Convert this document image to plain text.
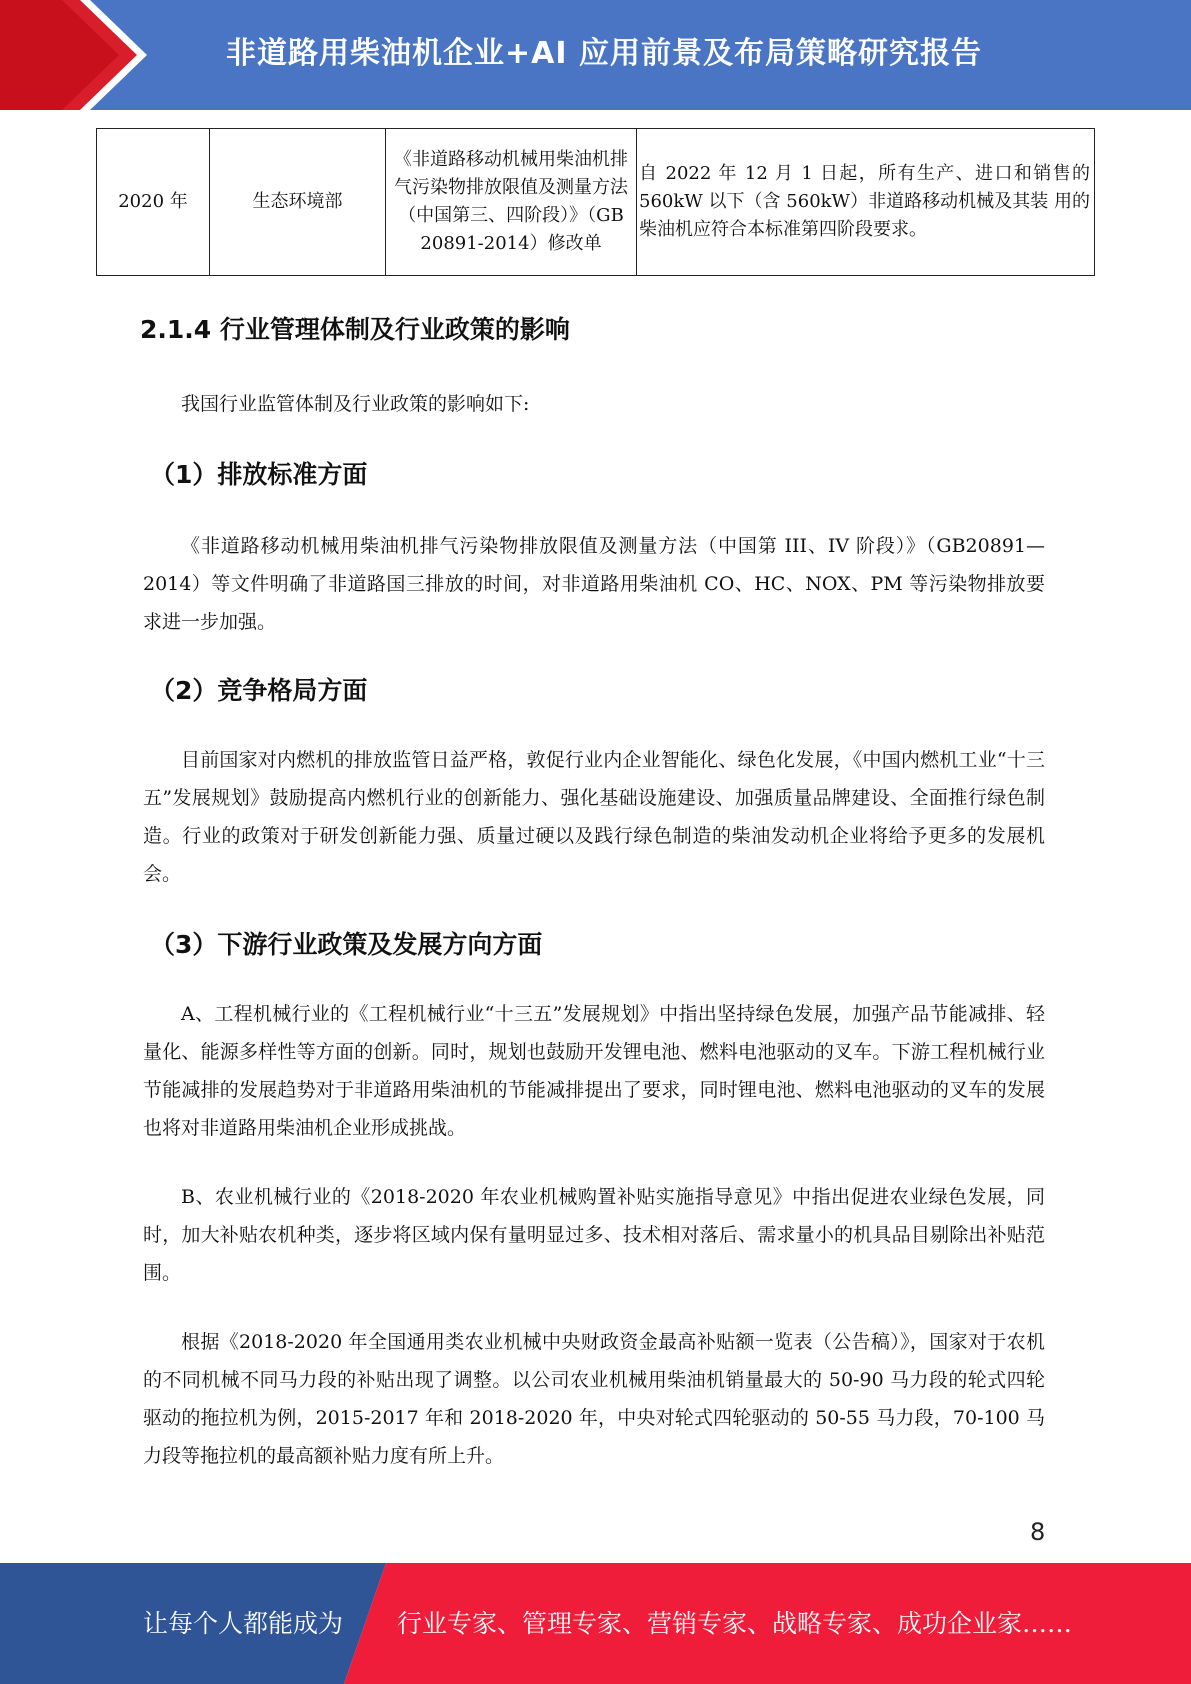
非道路用柴油机企业+AI 应用前景及布局策略研究报告
2020 年	生态环境部	《非道路移动机械用柴油机排气污染物排放限值及测量方法（中国第三、四阶段）》（GB 20891-2014）修改单	自 2022 年 12 月 1 日起，所有生产、进口和销售的 560kW 以下（含 560kW）非道路移动机械及其装 用的柴油机应符合本标准第四阶段要求。
2.1.4 行业管理体制及行业政策的影响

我国行业监管体制及行业政策的影响如下:

（1）排放标准方面

《非道路移动机械用柴油机排气污染物排放限值及测量方法（中国第 III、IV 阶段）》（GB20891—2014）等文件明确了非道路国三排放的时间，对非道路用柴油机 CO、HC、NOX、PM 等污染物排放要求进一步加强。

（2）竞争格局方面

目前国家对内燃机的排放监管日益严格，敦促行业内企业智能化、绿色化发展，《中国内燃机工业“十三五”发展规划》鼓励提高内燃机行业的创新能力、强化基础设施建设、加强质量品牌建设、全面推行绿色制造。行业的政策对于研发创新能力强、质量过硬以及践行绿色制造的柴油发动机企业将给予更多的发展机会。

（3）下游行业政策及发展方向方面

A、工程机械行业的《工程机械行业“十三五”发展规划》中指出坚持绿色发展，加强产品节能减排、轻量化、能源多样性等方面的创新。同时，规划也鼓励开发锂电池、燃料电池驱动的叉车。下游工程机械行业节能减排的发展趋势对于非道路用柴油机的节能减排提出了要求，同时锂电池、燃料电池驱动的叉车的发展也将对非道路用柴油机企业形成挑战。

B、农业机械行业的《2018-2020 年农业机械购置补贴实施指导意见》中指出促进农业绿色发展，同时，加大补贴农机种类，逐步将区域内保有量明显过多、技术相对落后、需求量小的机具品目剔除出补贴范围。

根据《2018-2020 年全国通用类农业机械中央财政资金最高补贴额一览表（公告稿）》，国家对于农机的不同机械不同马力段的补贴出现了调整。以公司农业机械用柴油机销量最大的 50-90 马力段的轮式四轮驱动的拖拉机为例，2015-2017 年和 2018-2020 年，中央对轮式四轮驱动的 50-55 马力段，70-100 马力段等拖拉机的最高额补贴力度有所上升。

8
让每个人都能成为 行业专家、管理专家、营销专家、战略专家、成功企业家……
